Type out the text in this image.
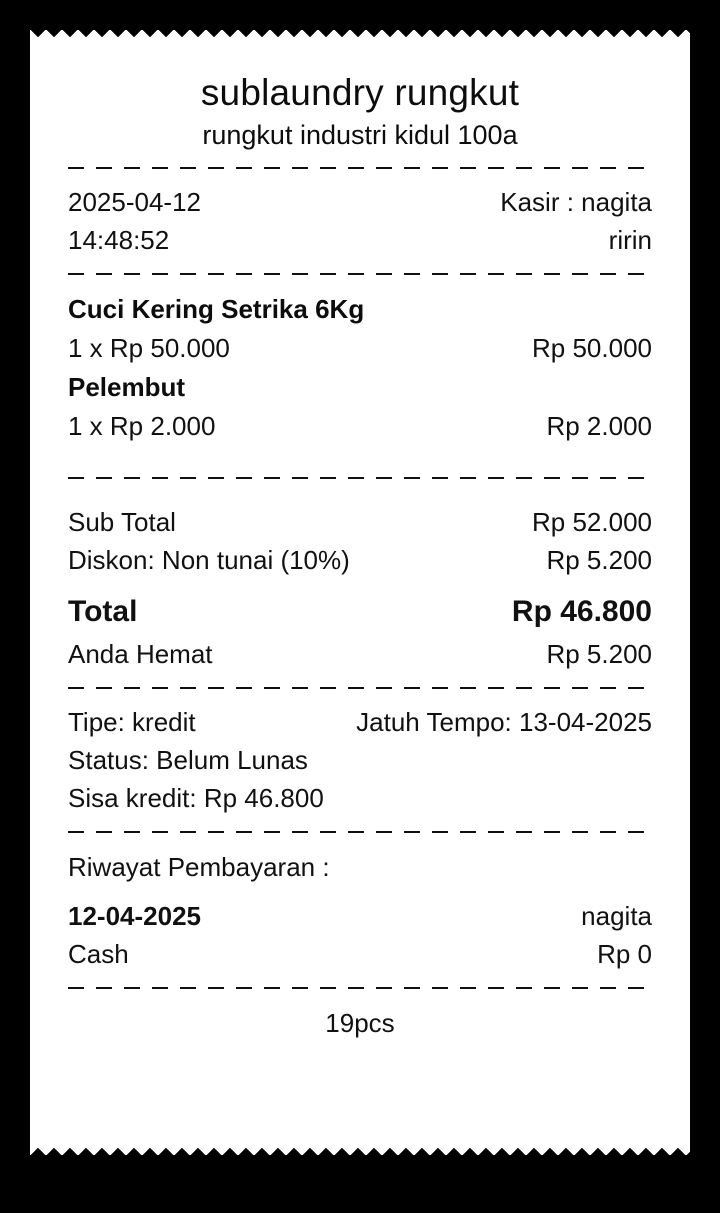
sublaundry rungkut
rungkut industri kidul 100a
2025-04-12	Kasir : nagita
14:48:52	ririn
Cuci Kering Setrika 6Kg
1 x Rp 50.000	Rp 50.000
Pelembut
1 x Rp 2.000	Rp 2.000
Sub Total	Rp 52.000
Diskon: Non tunai (10%)	Rp 5.200
Total	Rp 46.800
Anda Hemat	Rp 5.200
Tipe: kredit	Jatuh Tempo: 13-04-2025
Status: Belum Lunas
Sisa kredit: Rp 46.800
Riwayat Pembayaran :
12-04-2025	nagita
Cash	Rp 0
19pcs
